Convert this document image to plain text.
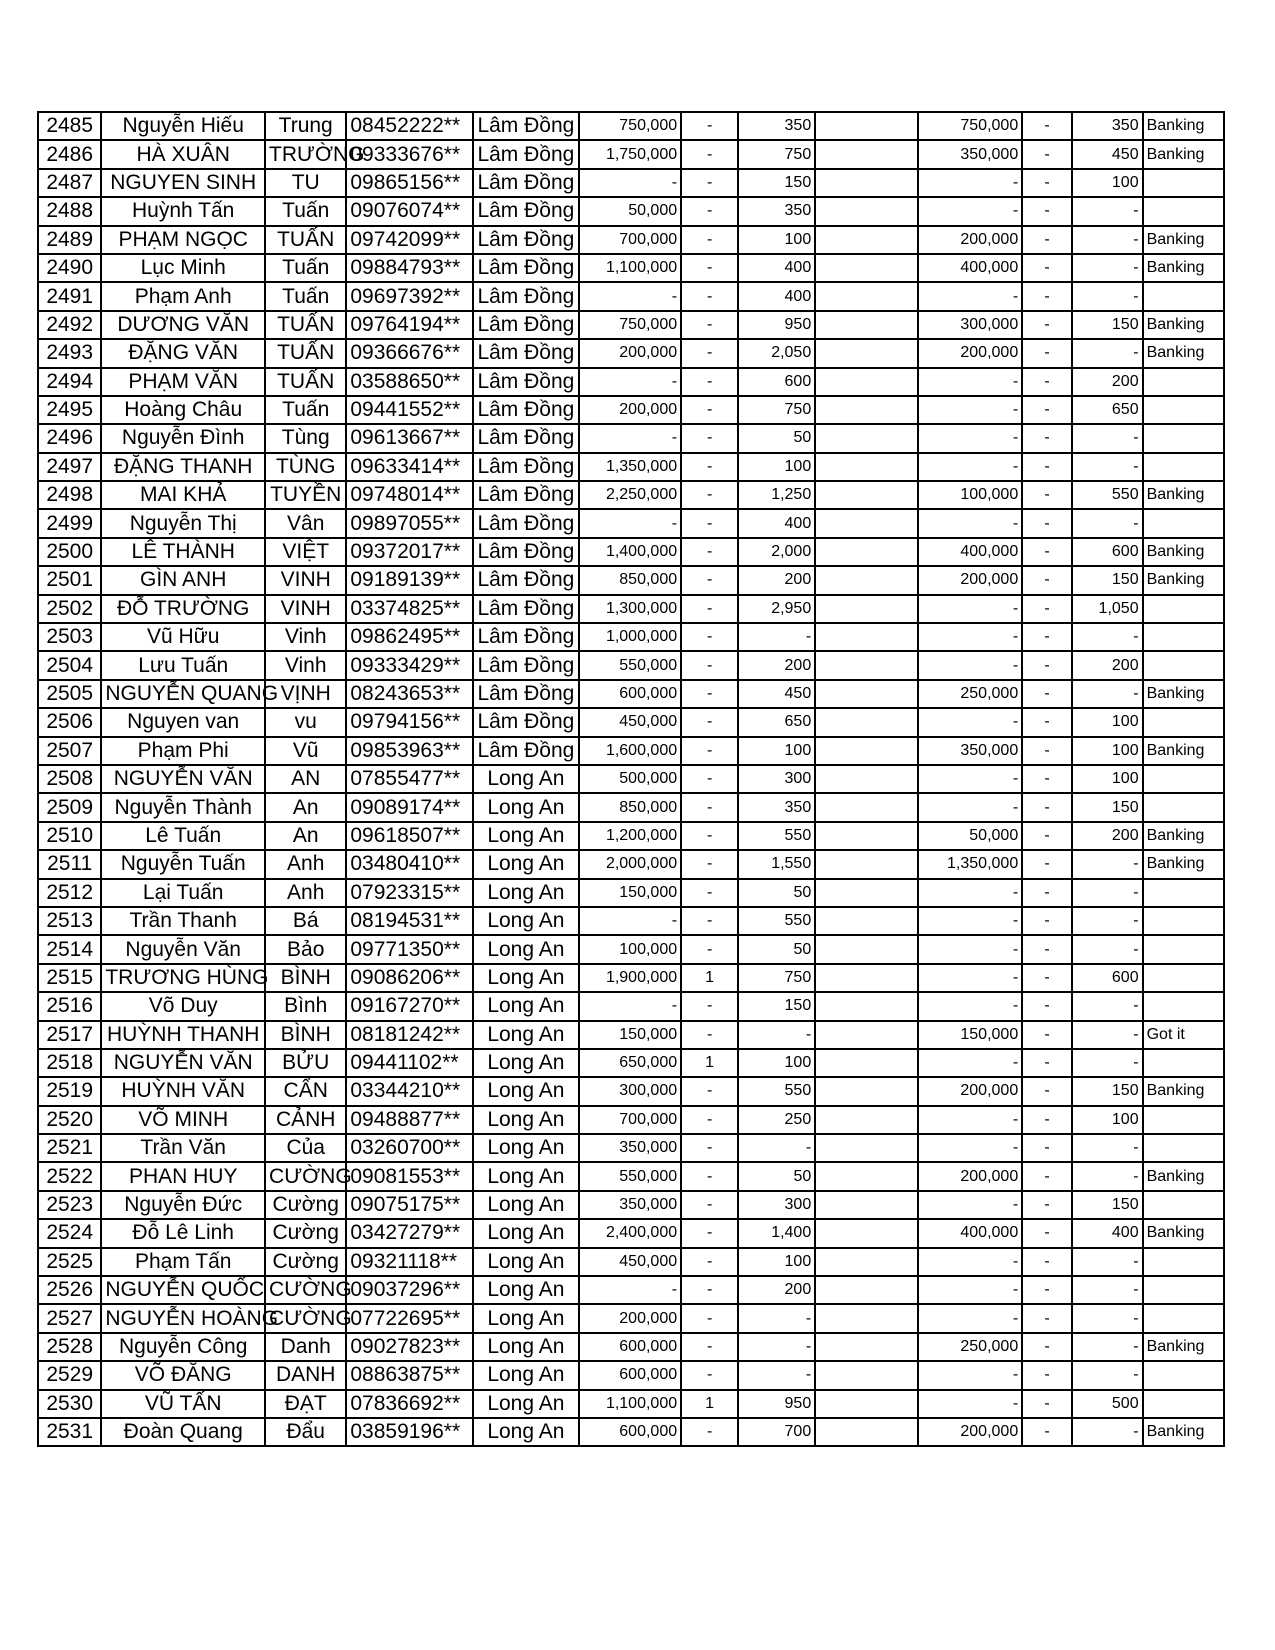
2485	Nguyễn Hiếu	Trung	08452222**	Lâm Đồng	750,000	-	350		750,000	-	350	Banking
2486	HÀ XUÂN	TRƯỜNG	09333676**	Lâm Đồng	1,750,000	-	750		350,000	-	450	Banking
2487	NGUYEN SINH	TU	09865156**	Lâm Đồng	-	-	150		-	-	100	
2488	Huỳnh Tấn	Tuấn	09076074**	Lâm Đồng	50,000	-	350		-	-	-	
2489	PHẠM NGỌC	TUẤN	09742099**	Lâm Đồng	700,000	-	100		200,000	-	-	Banking
2490	Lục Minh	Tuấn	09884793**	Lâm Đồng	1,100,000	-	400		400,000	-	-	Banking
2491	Phạm Anh	Tuấn	09697392**	Lâm Đồng	-	-	400		-	-	-	
2492	DƯƠNG VĂN	TUẤN	09764194**	Lâm Đồng	750,000	-	950		300,000	-	150	Banking
2493	ĐẶNG VĂN	TUẤN	09366676**	Lâm Đồng	200,000	-	2,050		200,000	-	-	Banking
2494	PHẠM VĂN	TUẤN	03588650**	Lâm Đồng	-	-	600		-	-	200	
2495	Hoàng Châu	Tuấn	09441552**	Lâm Đồng	200,000	-	750		-	-	650	
2496	Nguyễn Đình	Tùng	09613667**	Lâm Đồng	-	-	50		-	-	-	
2497	ĐẶNG THANH	TÙNG	09633414**	Lâm Đồng	1,350,000	-	100		-	-	-	
2498	MAI KHẢ	TUYỀN	09748014**	Lâm Đồng	2,250,000	-	1,250		100,000	-	550	Banking
2499	Nguyễn Thị	Vân	09897055**	Lâm Đồng	-	-	400		-	-	-	
2500	LÊ THÀNH	VIỆT	09372017**	Lâm Đồng	1,400,000	-	2,000		400,000	-	600	Banking
2501	GÌN ANH	VINH	09189139**	Lâm Đồng	850,000	-	200		200,000	-	150	Banking
2502	ĐỖ TRƯỜNG	VINH	03374825**	Lâm Đồng	1,300,000	-	2,950		-	-	1,050	
2503	Vũ Hữu	Vinh	09862495**	Lâm Đồng	1,000,000	-	-		-	-	-	
2504	Lưu Tuấn	Vinh	09333429**	Lâm Đồng	550,000	-	200		-	-	200	
2505	NGUYỄN QUANG	VỊNH	08243653**	Lâm Đồng	600,000	-	450		250,000	-	-	Banking
2506	Nguyen van	vu	09794156**	Lâm Đồng	450,000	-	650		-	-	100	
2507	Phạm Phi	Vũ	09853963**	Lâm Đồng	1,600,000	-	100		350,000	-	100	Banking
2508	NGUYỄN VĂN	AN	07855477**	Long An	500,000	-	300		-	-	100	
2509	Nguyễn Thành	An	09089174**	Long An	850,000	-	350		-	-	150	
2510	Lê Tuấn	An	09618507**	Long An	1,200,000	-	550		50,000	-	200	Banking
2511	Nguyễn Tuấn	Anh	03480410**	Long An	2,000,000	-	1,550		1,350,000	-	-	Banking
2512	Lại Tuấn	Anh	07923315**	Long An	150,000	-	50		-	-	-	
2513	Trần Thanh	Bá	08194531**	Long An	-	-	550		-	-	-	
2514	Nguyễn Văn	Bảo	09771350**	Long An	100,000	-	50		-	-	-	
2515	TRƯƠNG HÙNG	BÌNH	09086206**	Long An	1,900,000	1	750		-	-	600	
2516	Võ Duy	Bình	09167270**	Long An	-	-	150		-	-	-	
2517	HUỲNH THANH	BÌNH	08181242**	Long An	150,000	-	-		150,000	-	-	Got it
2518	NGUYỄN VĂN	BỬU	09441102**	Long An	650,000	1	100		-	-	-	
2519	HUỲNH VĂN	CẨN	03344210**	Long An	300,000	-	550		200,000	-	150	Banking
2520	VÕ MINH	CẢNH	09488877**	Long An	700,000	-	250		-	-	100	
2521	Trần Văn	Của	03260700**	Long An	350,000	-	-		-	-	-	
2522	PHAN HUY	CƯỜNG	09081553**	Long An	550,000	-	50		200,000	-	-	Banking
2523	Nguyễn Đức	Cường	09075175**	Long An	350,000	-	300		-	-	150	
2524	Đỗ Lê Linh	Cường	03427279**	Long An	2,400,000	-	1,400		400,000	-	400	Banking
2525	Phạm Tấn	Cường	09321118**	Long An	450,000	-	100		-	-	-	
2526	NGUYỄN QUỐC	CƯỜNG	09037296**	Long An	-	-	200		-	-	-	
2527	NGUYỄN HOÀNG	CƯỜNG	07722695**	Long An	200,000	-	-		-	-	-	
2528	Nguyễn Công	Danh	09027823**	Long An	600,000	-	-		250,000	-	-	Banking
2529	VÕ ĐĂNG	DANH	08863875**	Long An	600,000	-	-		-	-	-	
2530	VŨ TẤN	ĐẠT	07836692**	Long An	1,100,000	1	950		-	-	500	
2531	Đoàn Quang	Đẩu	03859196**	Long An	600,000	-	700		200,000	-	-	Banking
